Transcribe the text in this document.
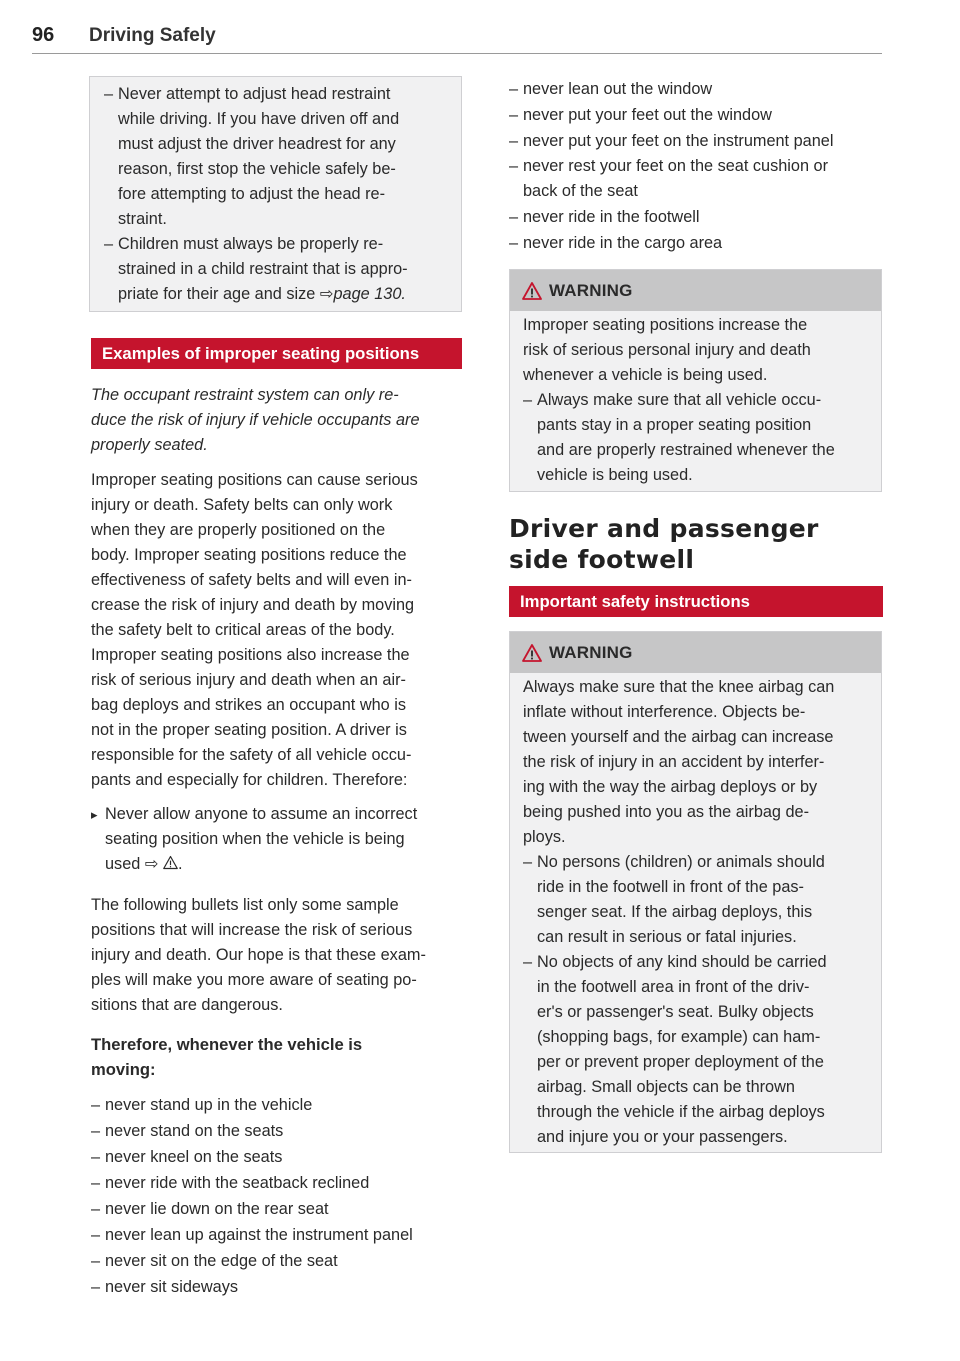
96 Driving Safely
– Never attempt to adjust head restraint
while driving. If you have driven off and
must adjust the driver headrest for any
reason, first stop the vehicle safely be-
fore attempting to adjust the head re-
straint.
– Children must always be properly re-
strained in a child restraint that is appro-
priate for their age and size ⇨page 130.
Examples of improper seating positions
The occupant restraint system can only re-
duce the risk of injury if vehicle occupants are
properly seated.
Improper seating positions can cause serious
injury or death. Safety belts can only work
when they are properly positioned on the
body. Improper seating positions reduce the
effectiveness of safety belts and will even in-
crease the risk of injury and death by moving
the safety belt to critical areas of the body.
Improper seating positions also increase the
risk of serious injury and death when an air-
bag deploys and strikes an occupant who is
not in the proper seating position. A driver is
responsible for the safety of all vehicle occu-
pants and especially for children. Therefore:
▸ Never allow anyone to assume an incorrect
seating position when the vehicle is being
used ⇨ .
The following bullets list only some sample
positions that will increase the risk of serious
injury and death. Our hope is that these exam-
ples will make you more aware of seating po-
sitions that are dangerous.
Therefore, whenever the vehicle is
moving:
– never stand up in the vehicle
– never stand on the seats
– never kneel on the seats
– never ride with the seatback reclined
– never lie down on the rear seat
– never lean up against the instrument panel
– never sit on the edge of the seat
– never sit sideways
– never lean out the window
– never put your feet out the window
– never put your feet on the instrument panel
– never rest your feet on the seat cushion or
back of the seat
– never ride in the footwell
– never ride in the cargo area
WARNING
Improper seating positions increase the
risk of serious personal injury and death
whenever a vehicle is being used.
– Always make sure that all vehicle occu-
pants stay in a proper seating position
and are properly restrained whenever the
vehicle is being used.
Driver and passenger
side footwell
Important safety instructions
WARNING
Always make sure that the knee airbag can
inflate without interference. Objects be-
tween yourself and the airbag can increase
the risk of injury in an accident by interfer-
ing with the way the airbag deploys or by
being pushed into you as the airbag de-
ploys.
– No persons (children) or animals should
ride in the footwell in front of the pas-
senger seat. If the airbag deploys, this
can result in serious or fatal injuries.
– No objects of any kind should be carried
in the footwell area in front of the driv-
er's or passenger's seat. Bulky objects
(shopping bags, for example) can ham-
per or prevent proper deployment of the
airbag. Small objects can be thrown
through the vehicle if the airbag deploys
and injure you or your passengers.
